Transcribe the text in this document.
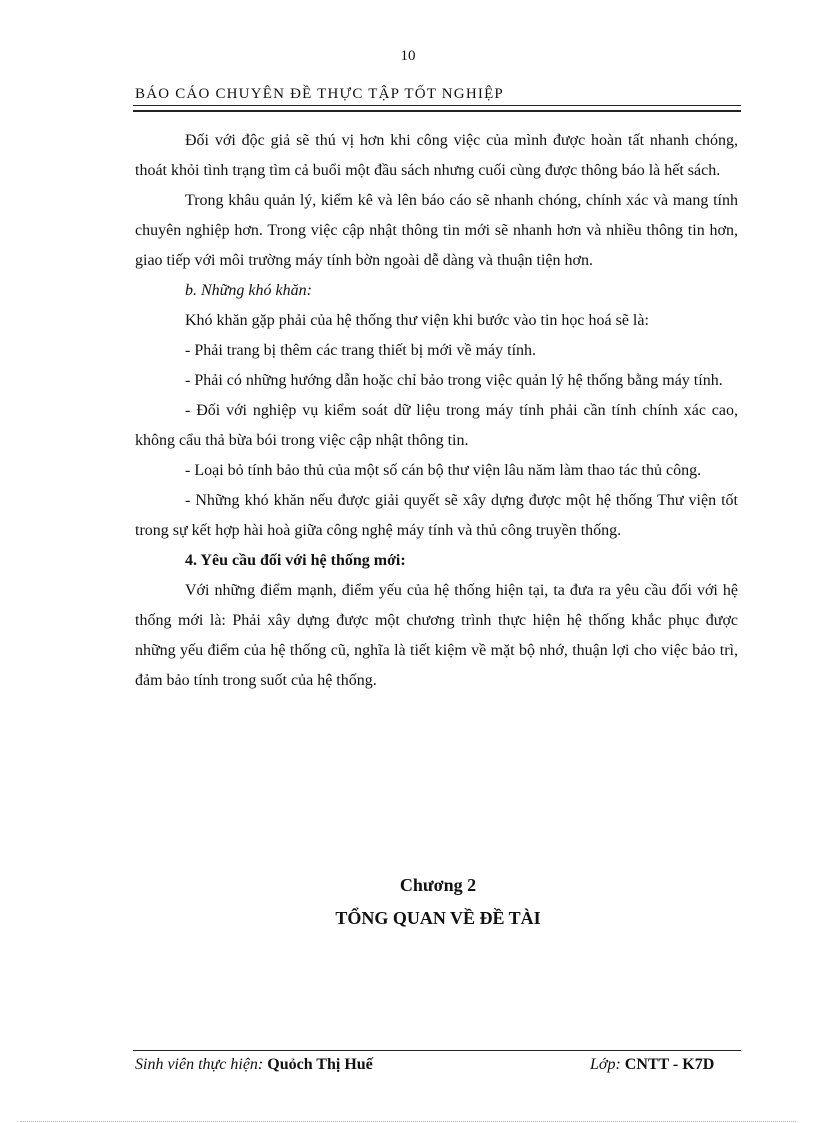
10
BÁO CÁO CHUYÊN ĐỀ THỰC TẬP TỐT NGHIỆP

Đối với độc giả sẽ thú vị hơn khi công việc của mình được hoàn tất nhanh chóng, thoát khỏi tình trạng tìm cả buổi một đầu sách nhưng cuối cùng được thông báo là hết sách.

Trong khâu quản lý, kiểm kê và lên báo cáo sẽ nhanh chóng, chính xác và mang tính chuyên nghiệp hơn. Trong việc cập nhật thông tin mới sẽ nhanh hơn và nhiều thông tin hơn, giao tiếp với môi trường máy tính bờn ngoài dễ dàng và thuận tiện hơn.

b. Những khó khăn:

Khó khăn gặp phải của hệ thống thư viện khi bước vào tin học hoá sẽ là:

- Phải trang bị thêm các trang thiết bị mới về máy tính.

- Phải có những hướng dẫn hoặc chỉ bảo trong việc quản lý hệ thống bằng máy tính.

- Đối với nghiệp vụ kiểm soát dữ liệu trong máy tính phải cần tính chính xác cao, không cẩu thả bừa bói trong việc cập nhật thông tin.

- Loại bỏ tính bảo thủ của một số cán bộ thư viện lâu năm làm thao tác thủ công.

- Những khó khăn nếu được giải quyết sẽ xây dựng được một hệ thống Thư viện tốt trong sự kết hợp hài hoà giữa công nghệ máy tính và thủ công truyền thống.

4. Yêu cầu đối với hệ thống mới:

Với những điểm mạnh, điểm yếu của hệ thống hiện tại, ta đưa ra yêu cầu đối với hệ thống mới là: Phải xây dựng được một chương trình thực hiện hệ thống khắc phục được những yếu điểm của hệ thống cũ, nghĩa là tiết kiệm về mặt bộ nhớ, thuận lợi cho việc bảo trì, đảm bảo tính trong suốt của hệ thống.

Chương 2
TỔNG QUAN VỀ ĐỀ TÀI
Sinh viên thực hiện: Quỏch Thị Huế	Lớp: CNTT - K7D
